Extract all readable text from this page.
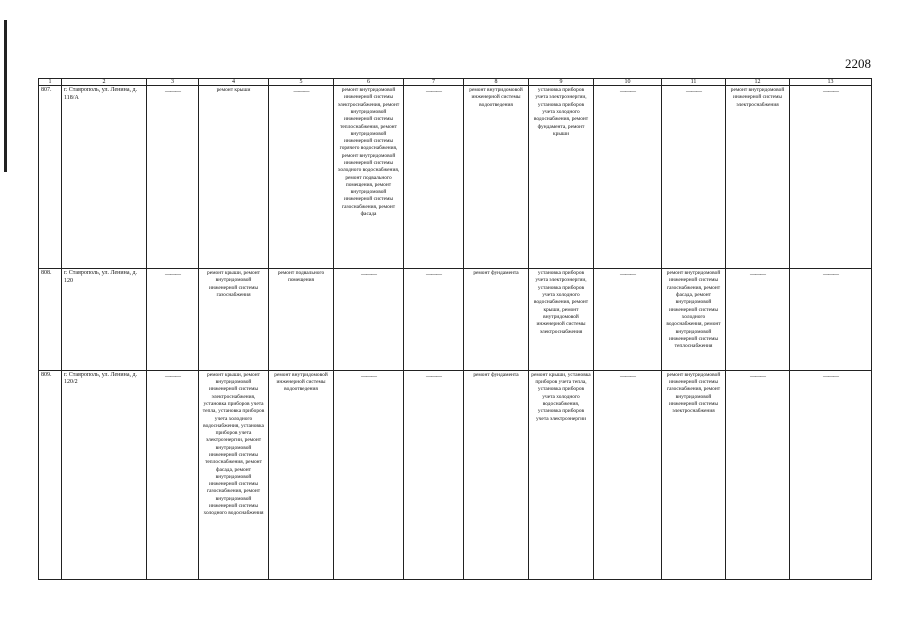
2208
1	2	3	4	5	6	7	8	9	10	11	12	13
807.	г. Ставрополь, ул. Ленина, д. 118/А	———	ремонт крыши	———	ремонт внутридомовой инженерной системы электроснабжения, ремонт внутридомовой инженерной системы теплоснабжения, ремонт внутридомовой инженерной системы горячего водоснабжения, ремонт внутридомовой инженерной системы холодного водоснабжения, ремонт подвального помещения, ремонт внутридомовой инженерной системы газоснабжения, ремонт фасада	———	ремонт внутридомовой инженерной системы водоотведения	установка приборов учета электроэнергии, установка приборов учета холодного водоснабжения, ремонт фундамента, ремонт крыши	———	———	ремонт внутридомовой инженерной системы электроснабжения	———
808.	г. Ставрополь, ул. Ленина, д. 120	———	ремонт крыши, ремонт внутридомовой инженерной системы газоснабжения	ремонт подвального помещения	———	———	ремонт фундамента	установка приборов учета электроэнергии, установка приборов учета холодного водоснабжения, ремонт крыши, ремонт внутридомовой инженерной системы электроснабжения	———	ремонт внутридомовой инженерной системы газоснабжения, ремонт фасада, ремонт внутридомовой инженерной системы холодного водоснабжения, ремонт внутридомовой инженерной системы теплоснабжения	———	———
809.	г. Ставрополь, ул. Ленина, д. 120/2	———	ремонт крыши, ремонт внутридомовой инженерной системы электроснабжения, установка приборов учета тепла, установка приборов учета холодного водоснабжения, установка приборов учета электроэнергии, ремонт внутридомовой инженерной системы теплоснабжения, ремонт фасада, ремонт внутридомовой инженерной системы газоснабжения, ремонт внутридомовой инженерной системы холодного водоснабжения	ремонт внутридомовой инженерной системы водоотведения	———	———	ремонт фундамента	ремонт крыши, установка приборов учета тепла, установка приборов учета холодного водоснабжения, установка приборов учета электроэнергии	———	ремонт внутридомовой инженерной системы газоснабжения, ремонт внутридомовой инженерной системы электроснабжения	———	———
